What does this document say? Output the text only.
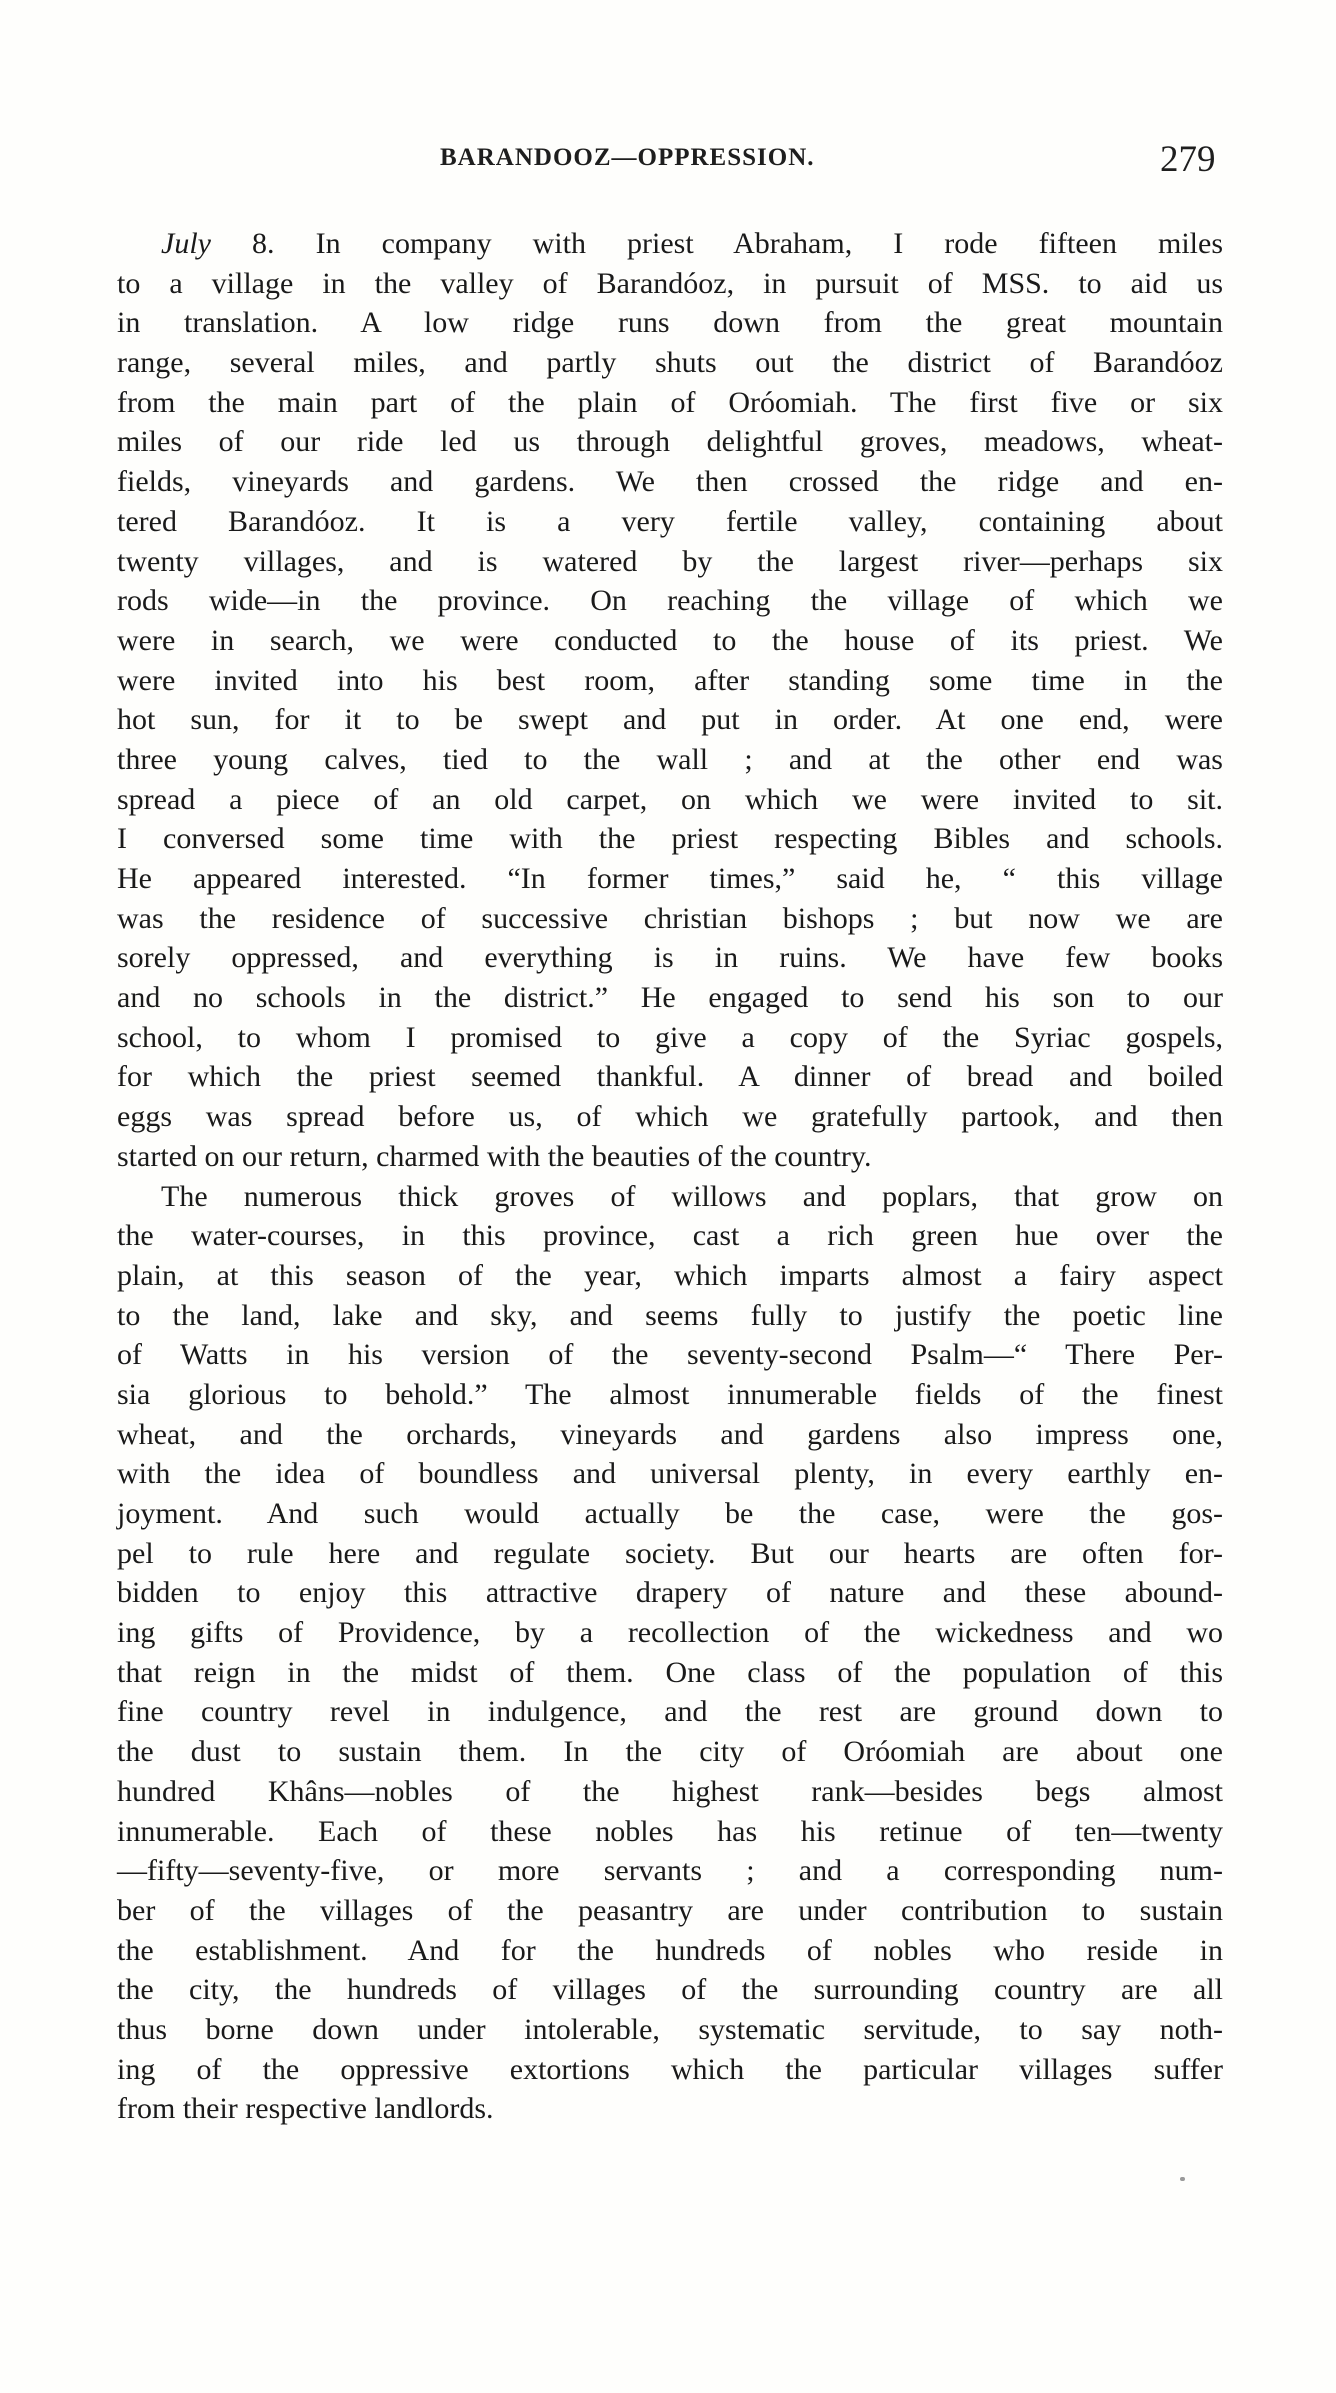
BARANDOOZ—OPPRESSION.	279
July 8. In company with priest Abraham, I rode fifteen miles
to a village in the valley of Barandóoz, in pursuit of MSS. to aid us
in translation. A low ridge runs down from the great mountain
range, several miles, and partly shuts out the district of Barandóoz
from the main part of the plain of Oróomiah. The first five or six
miles of our ride led us through delightful groves, meadows, wheat-
fields, vineyards and gardens. We then crossed the ridge and en-
tered Barandóoz. It is a very fertile valley, containing about
twenty villages, and is watered by the largest river—perhaps six
rods wide—in the province. On reaching the village of which we
were in search, we were conducted to the house of its priest. We
were invited into his best room, after standing some time in the
hot sun, for it to be swept and put in order. At one end, were
three young calves, tied to the wall ; and at the other end was
spread a piece of an old carpet, on which we were invited to sit.
I conversed some time with the priest respecting Bibles and schools.
He appeared interested. “In former times,” said he, “ this village
was the residence of successive christian bishops ; but now we are
sorely oppressed, and everything is in ruins. We have few books
and no schools in the district.” He engaged to send his son to our
school, to whom I promised to give a copy of the Syriac gospels,
for which the priest seemed thankful. A dinner of bread and boiled
eggs was spread before us, of which we gratefully partook, and then
started on our return, charmed with the beauties of the country.
The numerous thick groves of willows and poplars, that grow on
the water-courses, in this province, cast a rich green hue over the
plain, at this season of the year, which imparts almost a fairy aspect
to the land, lake and sky, and seems fully to justify the poetic line
of Watts in his version of the seventy-second Psalm—“ There Per-
sia glorious to behold.” The almost innumerable fields of the finest
wheat, and the orchards, vineyards and gardens also impress one,
with the idea of boundless and universal plenty, in every earthly en-
joyment. And such would actually be the case, were the gos-
pel to rule here and regulate society. But our hearts are often for-
bidden to enjoy this attractive drapery of nature and these abound-
ing gifts of Providence, by a recollection of the wickedness and wo
that reign in the midst of them. One class of the population of this
fine country revel in indulgence, and the rest are ground down to
the dust to sustain them. In the city of Oróomiah are about one
hundred Khâns—nobles of the highest rank—besides begs almost
innumerable. Each of these nobles has his retinue of ten—twenty
—fifty—seventy-five, or more servants ; and a corresponding num-
ber of the villages of the peasantry are under contribution to sustain
the establishment. And for the hundreds of nobles who reside in
the city, the hundreds of villages of the surrounding country are all
thus borne down under intolerable, systematic servitude, to say noth-
ing of the oppressive extortions which the particular villages suffer
from their respective landlords.
